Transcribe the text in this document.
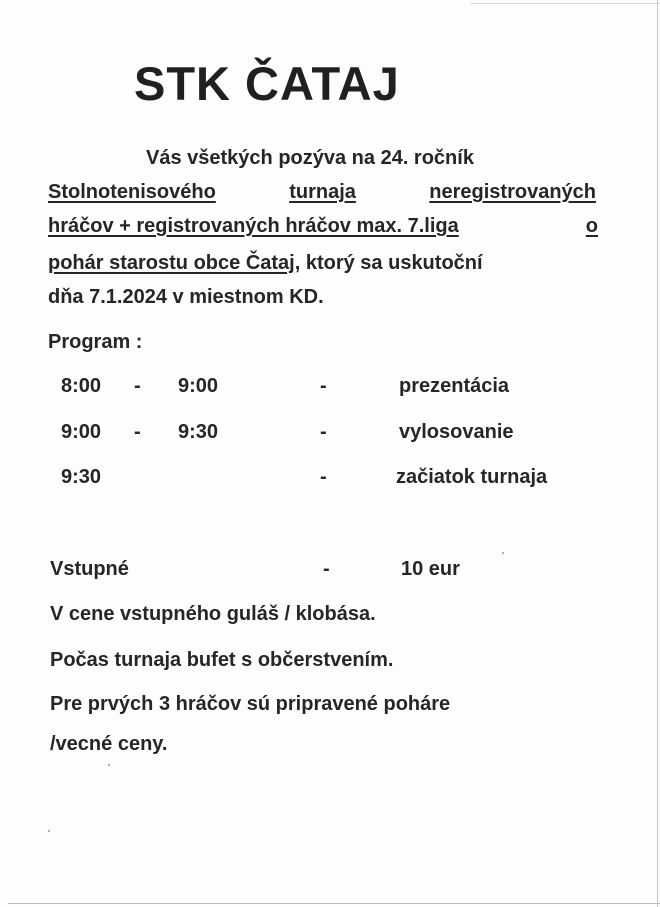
STK ČATAJ
Vás všetkých pozýva na 24. ročník
Stolnotenisového	turnaja	neregistrovaných
hráčov + registrovaných hráčov max. 7.liga	o
pohár starostu obce Čataj, ktorý sa uskutoční
dňa 7.1.2024 v miestnom KD.
Program :
8:00 - 9:00	-	prezentácia
9:00 - 9:30	-	vylosovanie
9:30	-	začiatok turnaja
Vstupné	-	10 eur
V cene vstupného guláš / klobása.
Počas turnaja bufet s občerstvením.
Pre prvých 3 hráčov sú pripravené poháre
/vecné ceny.
